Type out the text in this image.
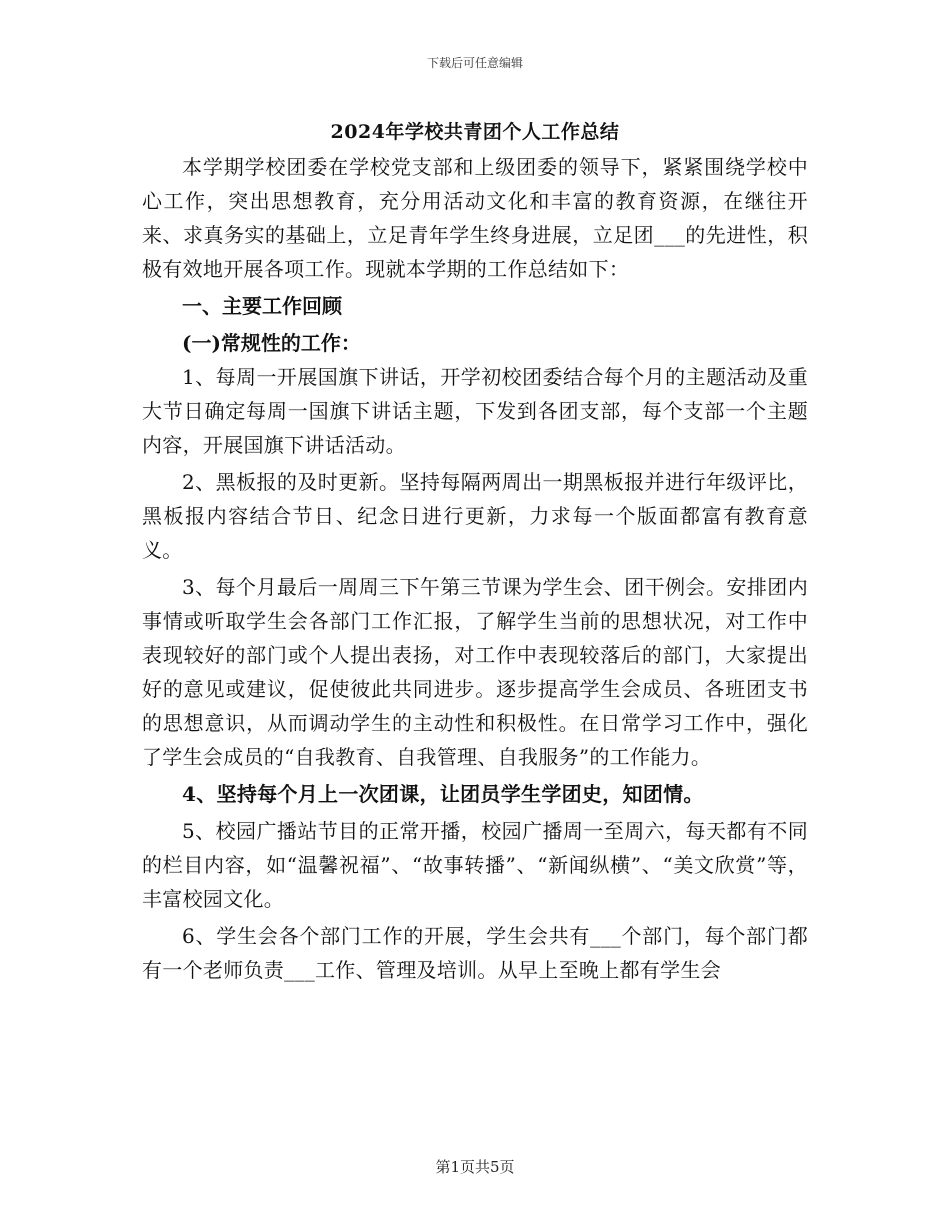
下载后可任意编辑
2024年学校共青团个人工作总结

本学期学校团委在学校党支部和上级团委的领导下，紧紧围绕学校中心工作，突出思想教育，充分用活动文化和丰富的教育资源，在继往开来、求真务实的基础上，立足青年学生终身进展，立足团___的先进性，积极有效地开展各项工作。现就本学期的工作总结如下：

一、主要工作回顾

(一)常规性的工作：

1、每周一开展国旗下讲话，开学初校团委结合每个月的主题活动及重大节日确定每周一国旗下讲话主题，下发到各团支部，每个支部一个主题内容，开展国旗下讲话活动。

2、黑板报的及时更新。坚持每隔两周出一期黑板报并进行年级评比，黑板报内容结合节日、纪念日进行更新，力求每一个版面都富有教育意义。

3、每个月最后一周周三下午第三节课为学生会、团干例会。安排团内事情或听取学生会各部门工作汇报，了解学生当前的思想状况，对工作中表现较好的部门或个人提出表扬，对工作中表现较落后的部门，大家提出好的意见或建议，促使彼此共同进步。逐步提高学生会成员、各班团支书的思想意识，从而调动学生的主动性和积极性。在日常学习工作中，强化了学生会成员的“自我教育、自我管理、自我服务”的工作能力。

4、坚持每个月上一次团课，让团员学生学团史，知团情。

5、校园广播站节目的正常开播，校园广播周一至周六，每天都有不同的栏目内容，如“温馨祝福”、“故事转播”、“新闻纵横”、“美文欣赏”等，丰富校园文化。

6、学生会各个部门工作的开展，学生会共有___个部门，每个部门都有一个老师负责___工作、管理及培训。从早上至晚上都有学生会

第1页共5页
